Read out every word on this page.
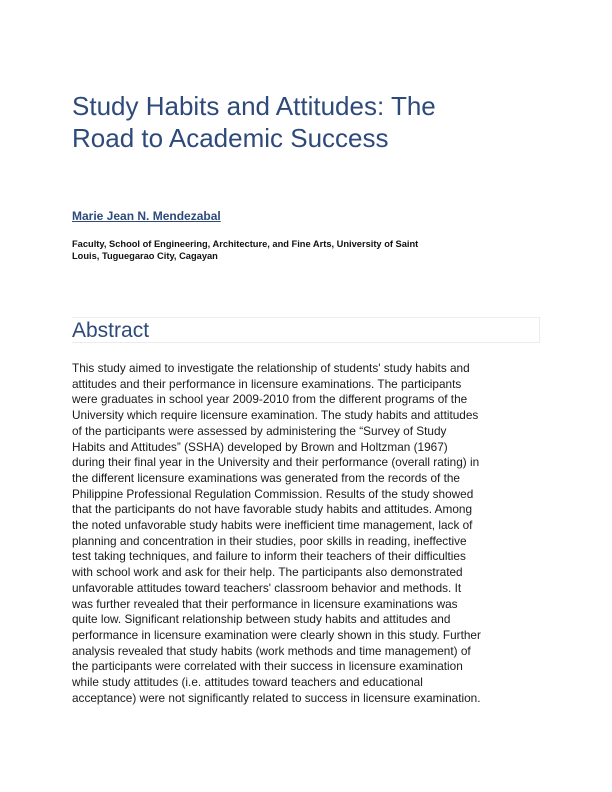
Study Habits and Attitudes: The
Road to Academic Success

Marie Jean N. Mendezabal

Faculty, School of Engineering, Architecture, and Fine Arts, University of Saint
Louis, Tuguegarao City, Cagayan

Abstract
This study aimed to investigate the relationship of students' study habits and
attitudes and their performance in licensure examinations. The participants
were graduates in school year 2009-2010 from the different programs of the
University which require licensure examination. The study habits and attitudes
of the participants were assessed by administering the “Survey of Study
Habits and Attitudes” (SSHA) developed by Brown and Holtzman (1967)
during their final year in the University and their performance (overall rating) in
the different licensure examinations was generated from the records of the
Philippine Professional Regulation Commission. Results of the study showed
that the participants do not have favorable study habits and attitudes. Among
the noted unfavorable study habits were inefficient time management, lack of
planning and concentration in their studies, poor skills in reading, ineffective
test taking techniques, and failure to inform their teachers of their difficulties
with school work and ask for their help. The participants also demonstrated
unfavorable attitudes toward teachers' classroom behavior and methods. It
was further revealed that their performance in licensure examinations was
quite low. Significant relationship between study habits and attitudes and
performance in licensure examination were clearly shown in this study. Further
analysis revealed that study habits (work methods and time management) of
the participants were correlated with their success in licensure examination
while study attitudes (i.e. attitudes toward teachers and educational
acceptance) were not significantly related to success in licensure examination.
